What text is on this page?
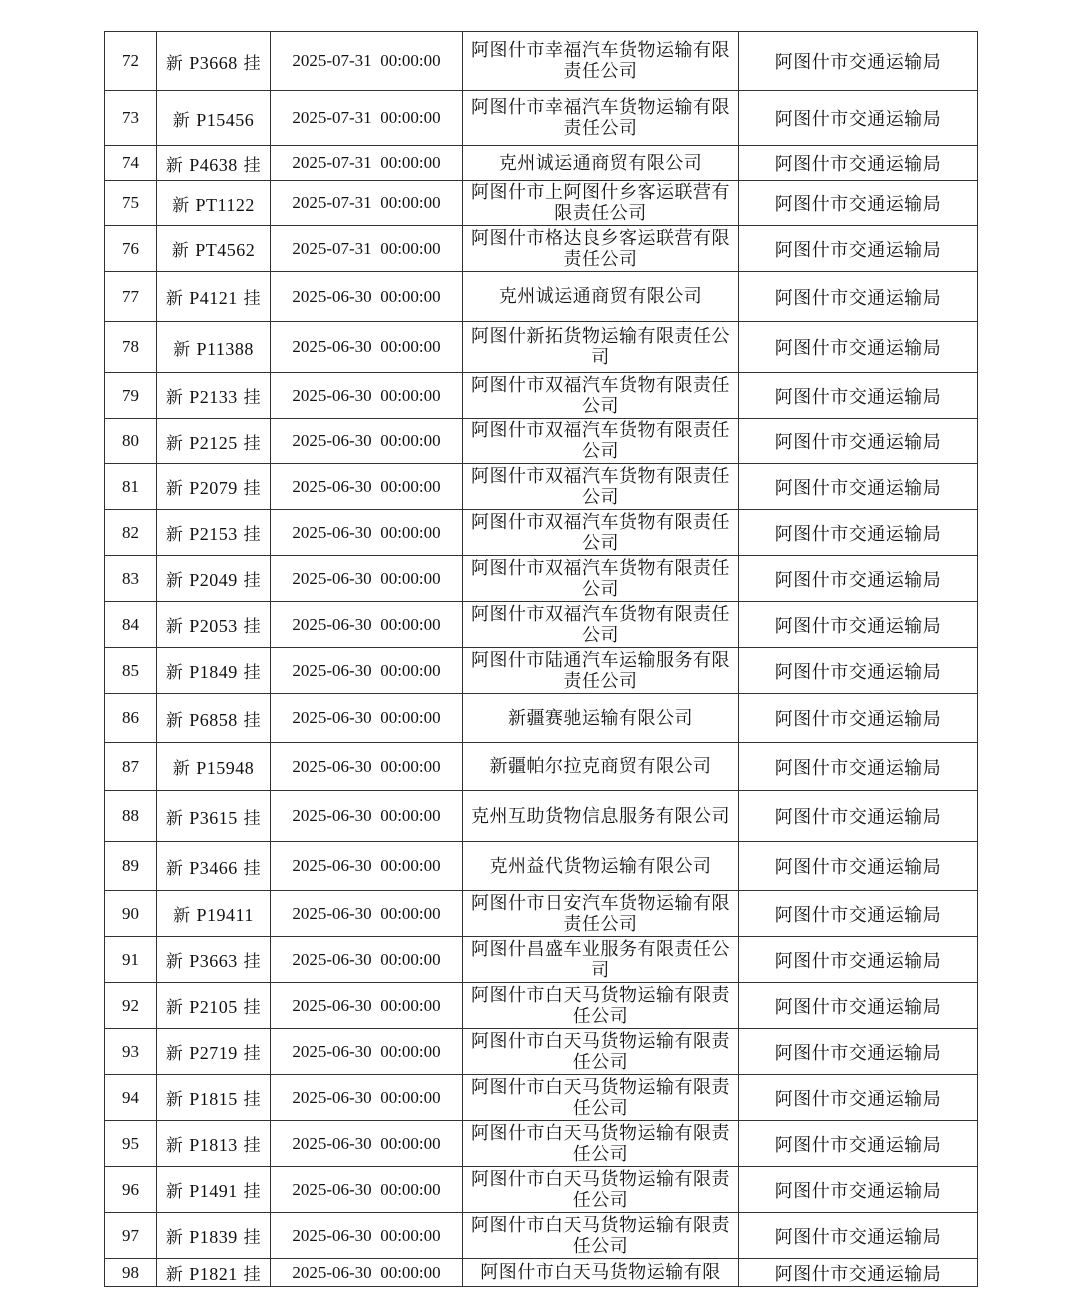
72	新 P3668 挂	2025-07-31 00:00:00	阿图什市幸福汽车货物运输有限责任公司	阿图什市交通运输局
73	新 P15456	2025-07-31 00:00:00	阿图什市幸福汽车货物运输有限责任公司	阿图什市交通运输局
74	新 P4638 挂	2025-07-31 00:00:00	克州诚运通商贸有限公司	阿图什市交通运输局
75	新 PT1122	2025-07-31 00:00:00	阿图什市上阿图什乡客运联营有限责任公司	阿图什市交通运输局
76	新 PT4562	2025-07-31 00:00:00	阿图什市格达良乡客运联营有限责任公司	阿图什市交通运输局
77	新 P4121 挂	2025-06-30 00:00:00	克州诚运通商贸有限公司	阿图什市交通运输局
78	新 P11388	2025-06-30 00:00:00	阿图什新拓货物运输有限责任公司	阿图什市交通运输局
79	新 P2133 挂	2025-06-30 00:00:00	阿图什市双福汽车货物有限责任公司	阿图什市交通运输局
80	新 P2125 挂	2025-06-30 00:00:00	阿图什市双福汽车货物有限责任公司	阿图什市交通运输局
81	新 P2079 挂	2025-06-30 00:00:00	阿图什市双福汽车货物有限责任公司	阿图什市交通运输局
82	新 P2153 挂	2025-06-30 00:00:00	阿图什市双福汽车货物有限责任公司	阿图什市交通运输局
83	新 P2049 挂	2025-06-30 00:00:00	阿图什市双福汽车货物有限责任公司	阿图什市交通运输局
84	新 P2053 挂	2025-06-30 00:00:00	阿图什市双福汽车货物有限责任公司	阿图什市交通运输局
85	新 P1849 挂	2025-06-30 00:00:00	阿图什市陆通汽车运输服务有限责任公司	阿图什市交通运输局
86	新 P6858 挂	2025-06-30 00:00:00	新疆赛驰运输有限公司	阿图什市交通运输局
87	新 P15948	2025-06-30 00:00:00	新疆帕尔拉克商贸有限公司	阿图什市交通运输局
88	新 P3615 挂	2025-06-30 00:00:00	克州互助货物信息服务有限公司	阿图什市交通运输局
89	新 P3466 挂	2025-06-30 00:00:00	克州益代货物运输有限公司	阿图什市交通运输局
90	新 P19411	2025-06-30 00:00:00	阿图什市日安汽车货物运输有限责任公司	阿图什市交通运输局
91	新 P3663 挂	2025-06-30 00:00:00	阿图什昌盛车业服务有限责任公司	阿图什市交通运输局
92	新 P2105 挂	2025-06-30 00:00:00	阿图什市白天马货物运输有限责任公司	阿图什市交通运输局
93	新 P2719 挂	2025-06-30 00:00:00	阿图什市白天马货物运输有限责任公司	阿图什市交通运输局
94	新 P1815 挂	2025-06-30 00:00:00	阿图什市白天马货物运输有限责任公司	阿图什市交通运输局
95	新 P1813 挂	2025-06-30 00:00:00	阿图什市白天马货物运输有限责任公司	阿图什市交通运输局
96	新 P1491 挂	2025-06-30 00:00:00	阿图什市白天马货物运输有限责任公司	阿图什市交通运输局
97	新 P1839 挂	2025-06-30 00:00:00	阿图什市白天马货物运输有限责任公司	阿图什市交通运输局
98	新 P1821 挂	2025-06-30 00:00:00	阿图什市白天马货物运输有限	阿图什市交通运输局
